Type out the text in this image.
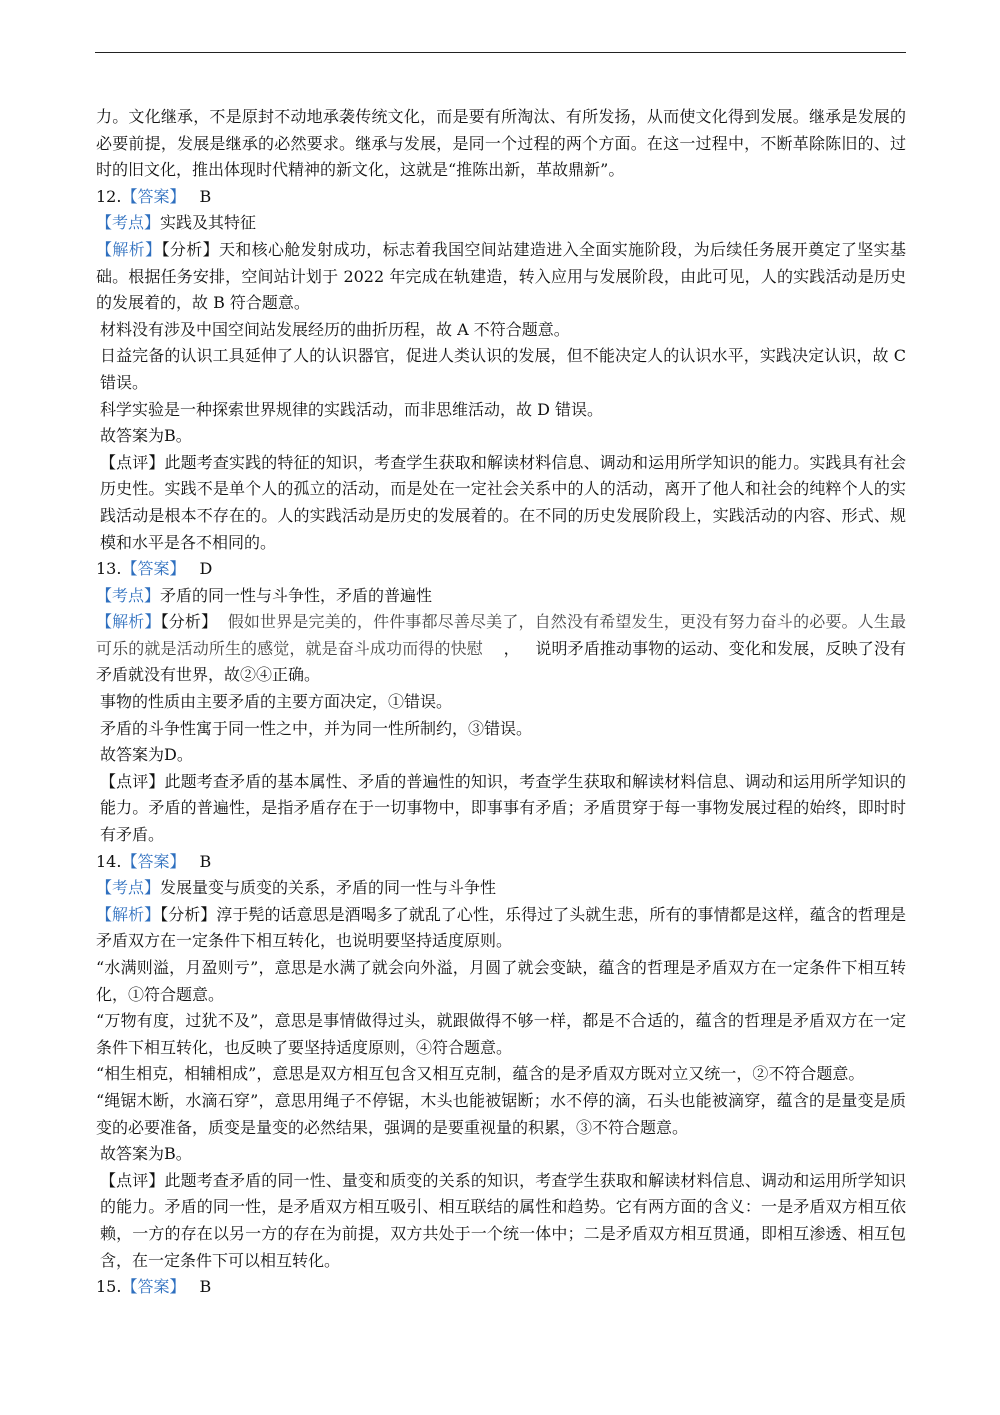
力。文化继承，不是原封不动地承袭传统文化，而是要有所淘汰、有所发扬，从而使文化得到发展。继承是发展的必要前提，发展是继承的必然要求。继承与发展，是同一个过程的两个方面。在这一过程中，不断革除陈旧的、过时的旧文化，推出体现时代精神的新文化，这就是“推陈出新，革故鼎新”。

12.【答案】 B

【考点】实践及其特征

【解析】【分析】天和核心舱发射成功，标志着我国空间站建造进入全面实施阶段，为后续任务展开奠定了坚实基础。根据任务安排，空间站计划于 2022 年完成在轨建造，转入应用与发展阶段，由此可见，人的实践活动是历史的发展着的，故 B 符合题意。

材料没有涉及中国空间站发展经历的曲折历程，故 A 不符合题意。

日益完备的认识工具延伸了人的认识器官，促进人类认识的发展，但不能决定人的认识水平，实践决定认识，故 C 错误。

科学实验是一种探索世界规律的实践活动，而非思维活动，故 D 错误。

故答案为B。

【点评】此题考查实践的特征的知识，考查学生获取和解读材料信息、调动和运用所学知识的能力。实践具有社会历史性。实践不是单个人的孤立的活动，而是处在一定社会关系中的人的活动，离开了他人和社会的纯粹个人的实践活动是根本不存在的。人的实践活动是历史的发展着的。在不同的历史发展阶段上，实践活动的内容、形式、规模和水平是各不相同的。

13.【答案】 D

【考点】矛盾的同一性与斗争性，矛盾的普遍性

【解析】【分析】 假如世界是完美的，件件事都尽善尽美了，自然没有希望发生，更没有努力奋斗的必要。人生最可乐的就是活动所生的感觉，就是奋斗成功而得的快慰    ，   说明矛盾推动事物的运动、变化和发展，反映了没有矛盾就没有世界，故②④正确。

事物的性质由主要矛盾的主要方面决定，①错误。

矛盾的斗争性寓于同一性之中，并为同一性所制约，③错误。

故答案为D。

【点评】此题考查矛盾的基本属性、矛盾的普遍性的知识，考查学生获取和解读材料信息、调动和运用所学知识的能力。矛盾的普遍性，是指矛盾存在于一切事物中，即事事有矛盾；矛盾贯穿于每一事物发展过程的始终，即时时有矛盾。

14.【答案】 B

【考点】发展量变与质变的关系，矛盾的同一性与斗争性

【解析】【分析】淳于髡的话意思是酒喝多了就乱了心性，乐得过了头就生悲，所有的事情都是这样，蕴含的哲理是矛盾双方在一定条件下相互转化，也说明要坚持适度原则。

“水满则溢，月盈则亏”，意思是水满了就会向外溢，月圆了就会变缺，蕴含的哲理是矛盾双方在一定条件下相互转化，①符合题意。

“万物有度，过犹不及”，意思是事情做得过头，就跟做得不够一样，都是不合适的，蕴含的哲理是矛盾双方在一定条件下相互转化，也反映了要坚持适度原则，④符合题意。

“相生相克，相辅相成”，意思是双方相互包含又相互克制，蕴含的是矛盾双方既对立又统一，②不符合题意。

“绳锯木断，水滴石穿”，意思用绳子不停锯，木头也能被锯断；水不停的滴，石头也能被滴穿，蕴含的是量变是质变的必要准备，质变是量变的必然结果，强调的是要重视量的积累，③不符合题意。

故答案为B。

【点评】此题考查矛盾的同一性、量变和质变的关系的知识，考查学生获取和解读材料信息、调动和运用所学知识的能力。矛盾的同一性，是矛盾双方相互吸引、相互联结的属性和趋势。它有两方面的含义：一是矛盾双方相互依赖，一方的存在以另一方的存在为前提，双方共处于一个统一体中；二是矛盾双方相互贯通，即相互渗透、相互包含，在一定条件下可以相互转化。

15.【答案】 B
